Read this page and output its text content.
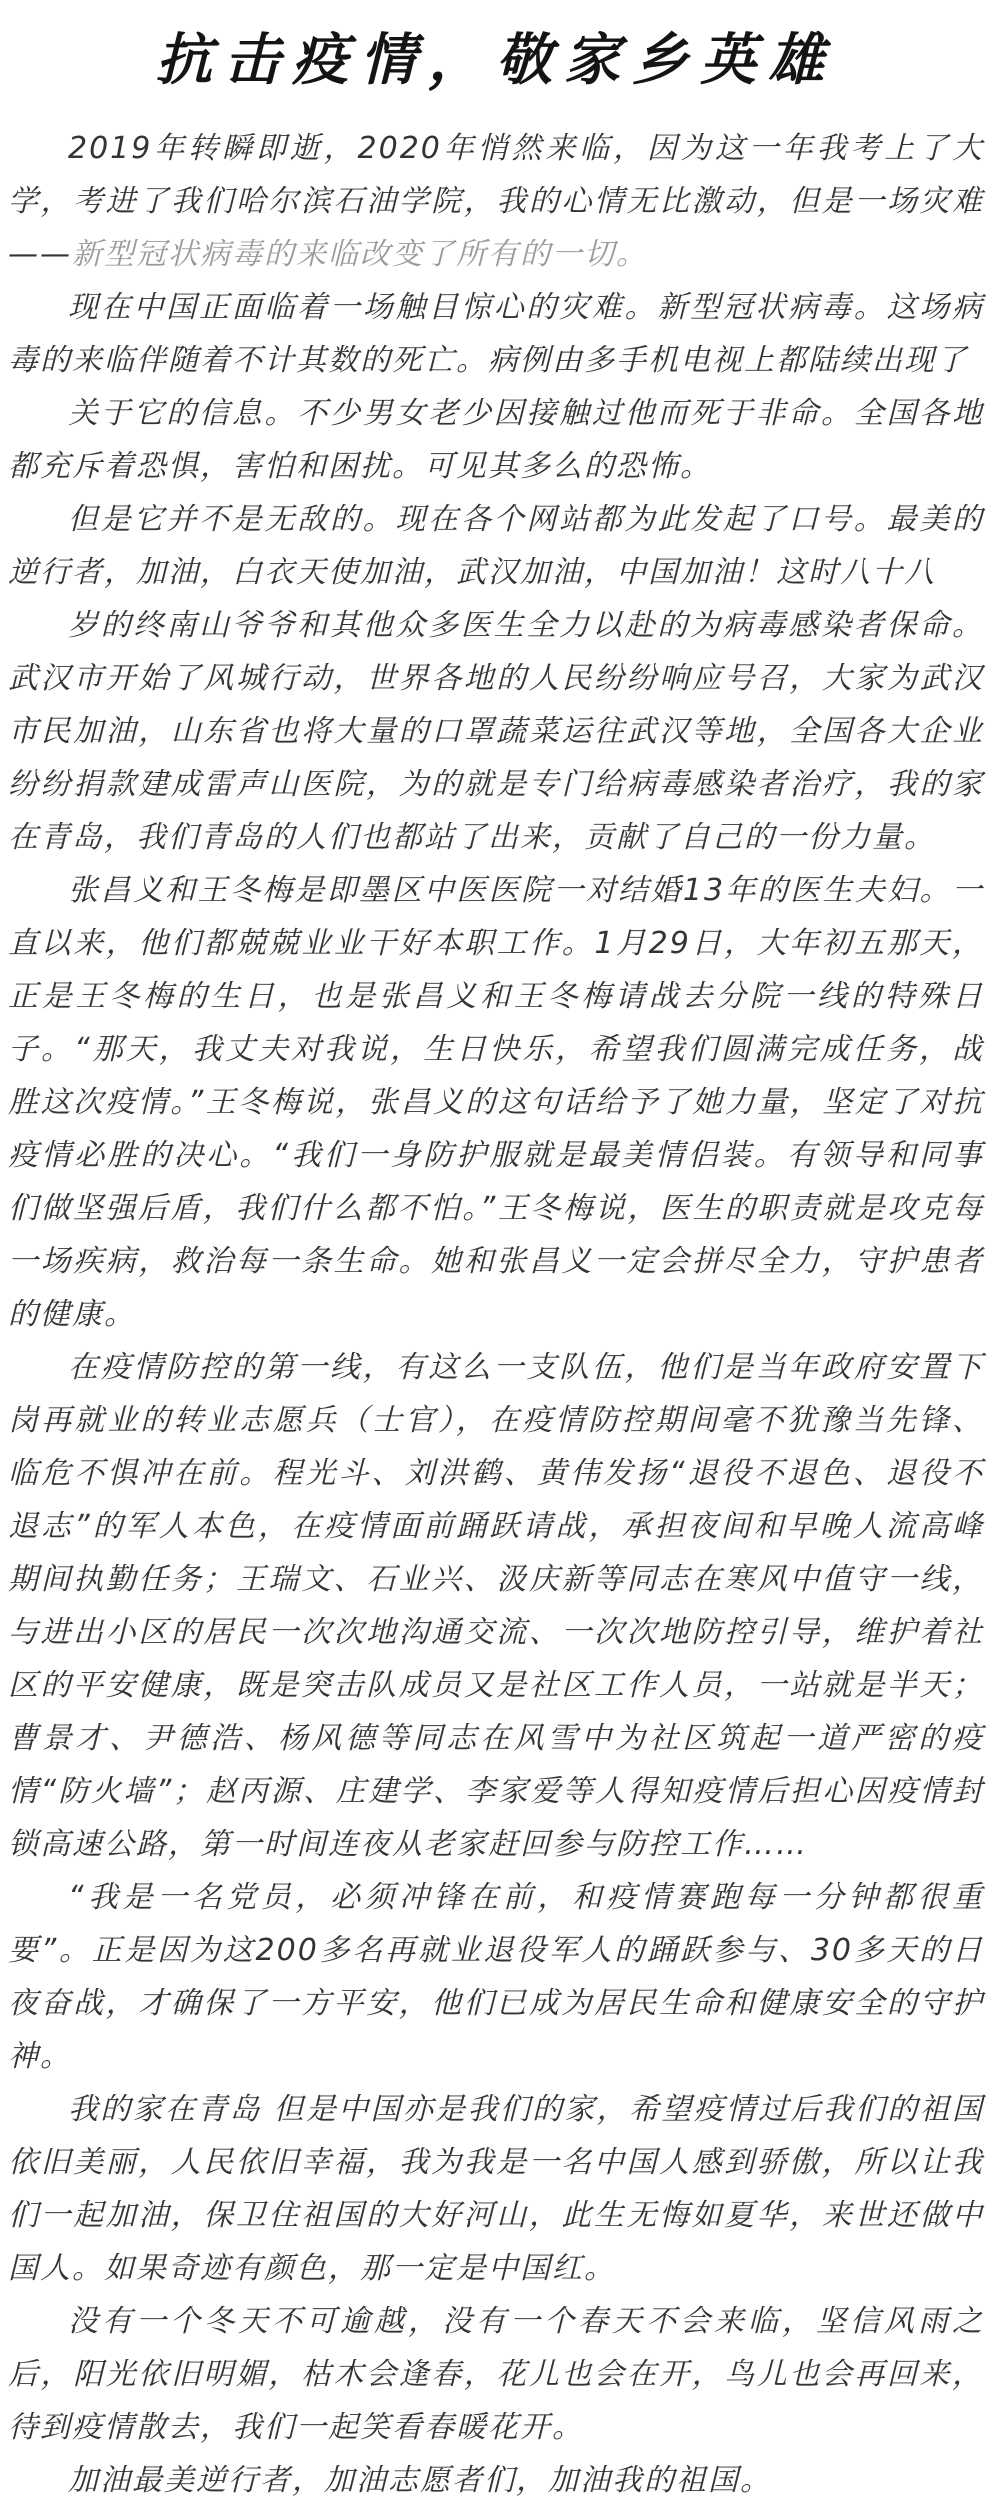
抗击疫情，敬家乡英雄

2019年转瞬即逝，2020年悄然来临，因为这一年我考上了大学，考进了我们哈尔滨石油学院，我的心情无比激动，但是一场灾难——新型冠状病毒的来临改变了所有的一切。

现在中国正面临着一场触目惊心的灾难。新型冠状病毒。这场病毒的来临伴随着不计其数的死亡。病例由多手机电视上都陆续出现了

关于它的信息。不少男女老少因接触过他而死于非命。全国各地都充斥着恐惧，害怕和困扰。可见其多么的恐怖。

但是它并不是无敌的。现在各个网站都为此发起了口号。最美的逆行者，加油，白衣天使加油，武汉加油，中国加油！这时八十八

岁的终南山爷爷和其他众多医生全力以赴的为病毒感染者保命。武汉市开始了风城行动，世界各地的人民纷纷响应号召，大家为武汉市民加油，山东省也将大量的口罩蔬菜运往武汉等地，全国各大企业纷纷捐款建成雷声山医院，为的就是专门给病毒感染者治疗，我的家在青岛，我们青岛的人们也都站了出来，贡献了自己的一份力量。

张昌义和王冬梅是即墨区中医医院一对结婚13年的医生夫妇。一直以来，他们都兢兢业业干好本职工作。1月29日，大年初五那天，正是王冬梅的生日，也是张昌义和王冬梅请战去分院一线的特殊日子。“那天，我丈夫对我说，生日快乐，希望我们圆满完成任务，战胜这次疫情。”王冬梅说，张昌义的这句话给予了她力量，坚定了对抗疫情必胜的决心。“我们一身防护服就是最美情侣装。有领导和同事们做坚强后盾，我们什么都不怕。”王冬梅说，医生的职责就是攻克每一场疾病，救治每一条生命。她和张昌义一定会拼尽全力，守护患者的健康。

在疫情防控的第一线，有这么一支队伍，他们是当年政府安置下岗再就业的转业志愿兵（士官），在疫情防控期间毫不犹豫当先锋、临危不惧冲在前。程光斗、刘洪鹤、黄伟发扬“退役不退色、退役不退志”的军人本色，在疫情面前踊跃请战，承担夜间和早晚人流高峰期间执勤任务；王瑞文、石业兴、汲庆新等同志在寒风中值守一线，与进出小区的居民一次次地沟通交流、一次次地防控引导，维护着社区的平安健康，既是突击队成员又是社区工作人员，一站就是半天；曹景才、尹德浩、杨风德等同志在风雪中为社区筑起一道严密的疫情“防火墙”；赵丙源、庄建学、李家爱等人得知疫情后担心因疫情封锁高速公路，第一时间连夜从老家赶回参与防控工作……

“我是一名党员，必须冲锋在前，和疫情赛跑每一分钟都很重要”。正是因为这200多名再就业退役军人的踊跃参与、30多天的日夜奋战，才确保了一方平安，他们已成为居民生命和健康安全的守护神。

我的家在青岛 但是中国亦是我们的家，希望疫情过后我们的祖国依旧美丽，人民依旧幸福，我为我是一名中国人感到骄傲，所以让我们一起加油，保卫住祖国的大好河山，此生无悔如夏华，来世还做中国人。如果奇迹有颜色，那一定是中国红。

没有一个冬天不可逾越，没有一个春天不会来临，坚信风雨之后，阳光依旧明媚，枯木会逢春，花儿也会在开，鸟儿也会再回来，待到疫情散去，我们一起笑看春暖花开。

加油最美逆行者，加油志愿者们，加油我的祖国。
